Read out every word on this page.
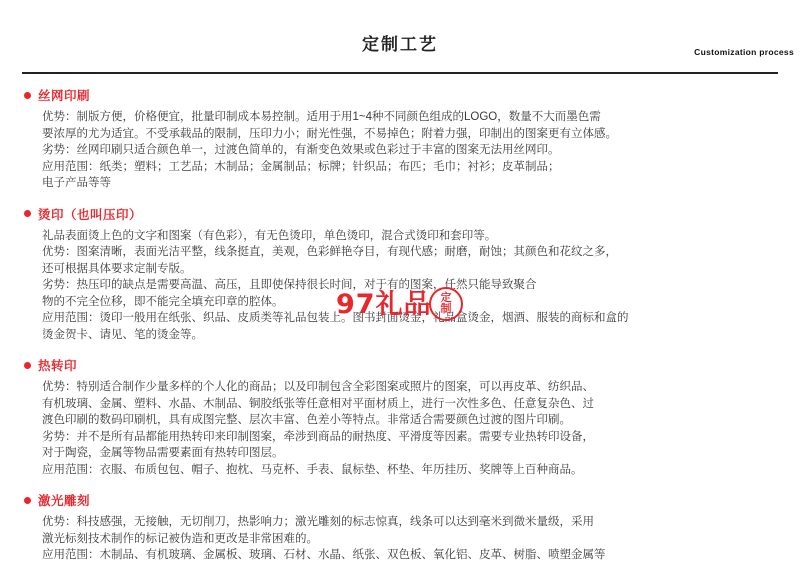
定制工艺	Customization process
丝网印刷
优势：制版方便，价格便宜，批量印制成本易控制。适用于用1~4种不同颜色组成的LOGO，数量不大而墨色需
要浓厚的尤为适宜。不受承载品的限制，压印力小；耐光性强，不易掉色；附着力强，印制出的图案更有立体感。
劣势：丝网印刷只适合颜色单一，过渡色简单的，有渐变色效果或色彩过于丰富的图案无法用丝网印。
应用范围：纸类；塑料；工艺品；木制品；金属制品；标牌；针织品；布匹；毛巾；衬衫；皮革制品；
电子产品等等
烫印（也叫压印）
礼品表面烫上色的文字和图案（有色彩），有无色烫印，单色烫印，混合式烫印和套印等。
优势：图案清晰，表面光洁平整，线条挺直，美观，色彩鲜艳夺目，有现代感；耐磨，耐蚀；其颜色和花纹之多，
还可根据具体要求定制专版。
劣势：热压印的缺点是需要高温、高压，且即使保持很长时间，对于有的图案，任然只能导致聚合
物的不完全位移，即不能完全填充印章的腔体。
应用范围：烫印一般用在纸张、织品、皮质类等礼品包装上。图书封面烫金，礼品盒烫金，烟酒、服装的商标和盒的
烫金贺卡、请见、笔的烫金等。
热转印
优势：特别适合制作少量多样的个人化的商品；以及印制包含全彩图案或照片的图案，可以再皮革、纺织品、
有机玻璃、金属、塑料、水晶、木制品、铜胶纸张等任意相对平面材质上，进行一次性多色、任意复杂色、过
渡色印刷的数码印刷机，具有成图完整、层次丰富、色差小等特点。非常适合需要颜色过渡的图片印刷。
劣势：并不是所有品都能用热转印来印制图案，牵涉到商品的耐热度、平滑度等因素。需要专业热转印设备，
对于陶瓷，金属等物品需要素面有热转印图层。
应用范围：衣服、布质包包、帽子、抱枕、马克杯、手表、鼠标垫、杯垫、年历挂历、奖牌等上百种商品。
激光雕刻
优势：科技感强，无接触，无切削刀，热影响力；激光雕刻的标志惊真，线条可以达到毫米到微米量级，采用
激光标刻技术制作的标记被伪造和更改是非常困难的。
应用范围：木制品、有机玻璃、金属板、玻璃、石材、水晶、纸张、双色板、氧化铝、皮革、树脂、喷塑金属等
97礼品 定
制
